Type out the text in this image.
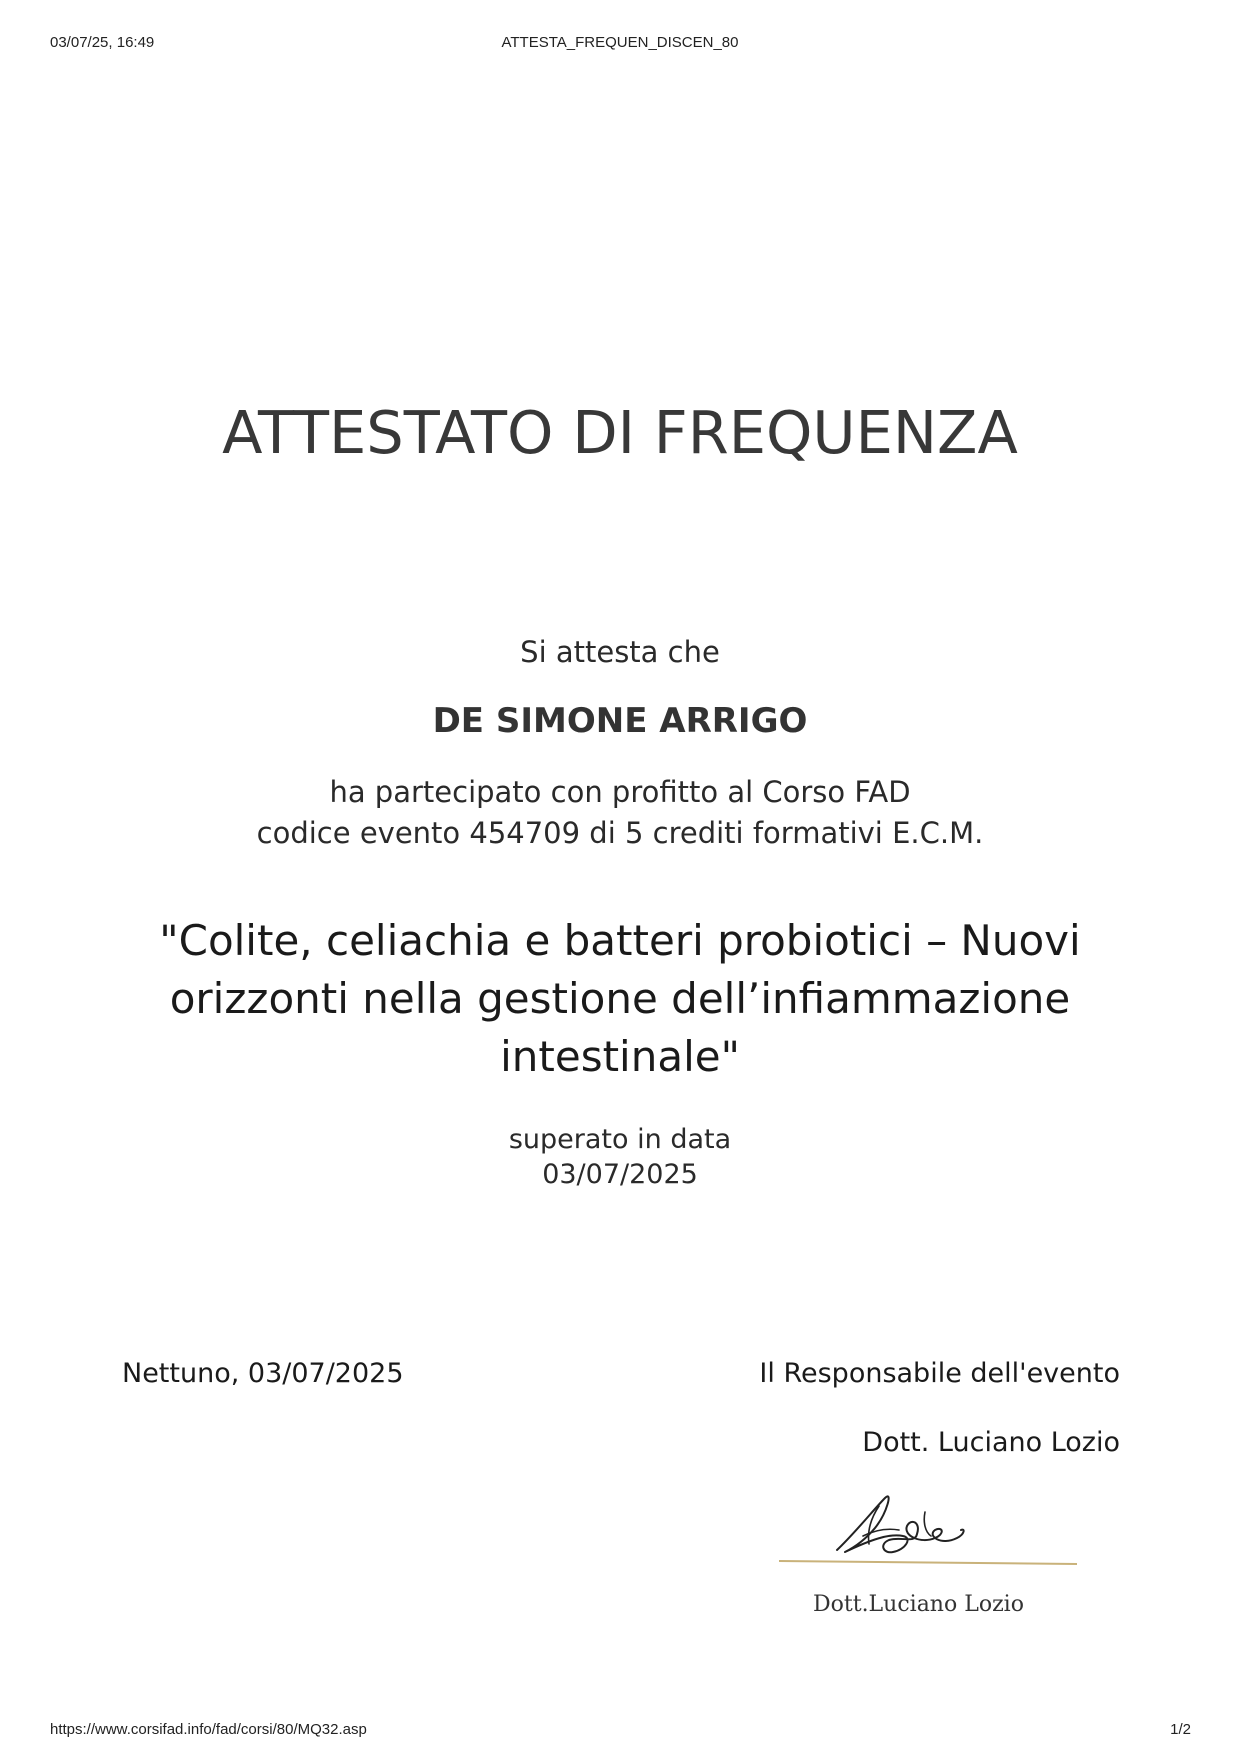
03/07/25, 16:49	ATTESTA_FREQUEN_DISCEN_80
ATTESTATO DI FREQUENZA
Si attesta che
DE SIMONE ARRIGO
ha partecipato con profitto al Corso FAD
codice evento 454709 di 5 crediti formativi E.C.M.
"Colite, celiachia e batteri probiotici – Nuovi orizzonti nella gestione dell’infiammazione intestinale"
superato in data
03/07/2025
Nettuno, 03/07/2025	Il Responsabile dell'evento
Dott. Luciano Lozio
Dott.Luciano Lozio
https://www.corsifad.info/fad/corsi/80/MQ32.asp	1/2
